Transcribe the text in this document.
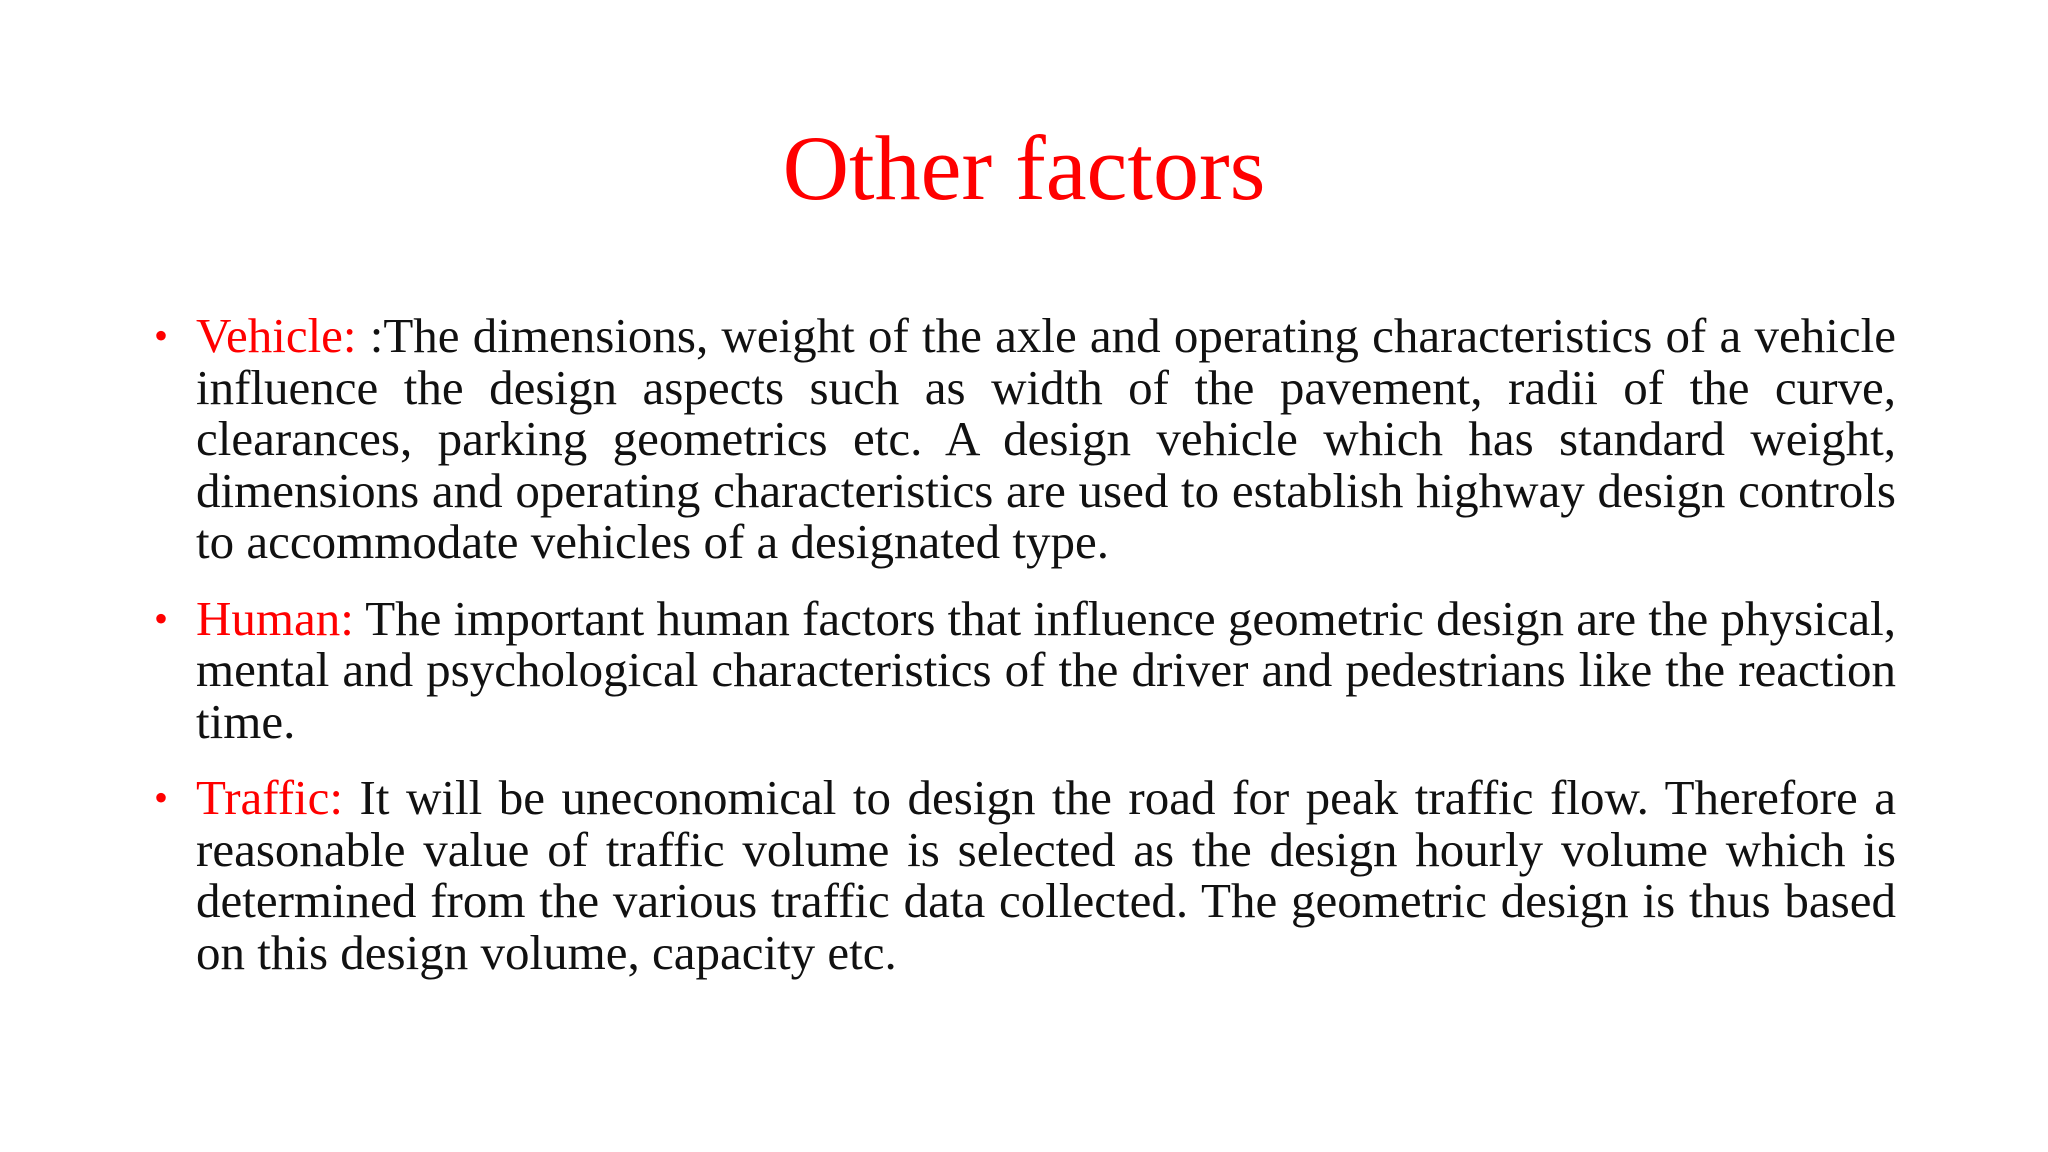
Other factors
• Vehicle: :The dimensions, weight of the axle and operating characteristics of a vehicle influence the design aspects such as width of the pavement, radii of the curve, clearances, parking geometrics etc. A design vehicle which has standard weight, dimensions and operating characteristics are used to establish highway design controls to accommodate vehicles of a designated type.
• Human: The important human factors that influence geometric design are the physical, mental and psychological characteristics of the driver and pedestrians like the reaction time.
• Traffic: It will be uneconomical to design the road for peak traffic flow. Therefore a reasonable value of traffic volume is selected as the design hourly volume which is determined from the various traffic data collected. The geometric design is thus based on this design volume, capacity etc.
